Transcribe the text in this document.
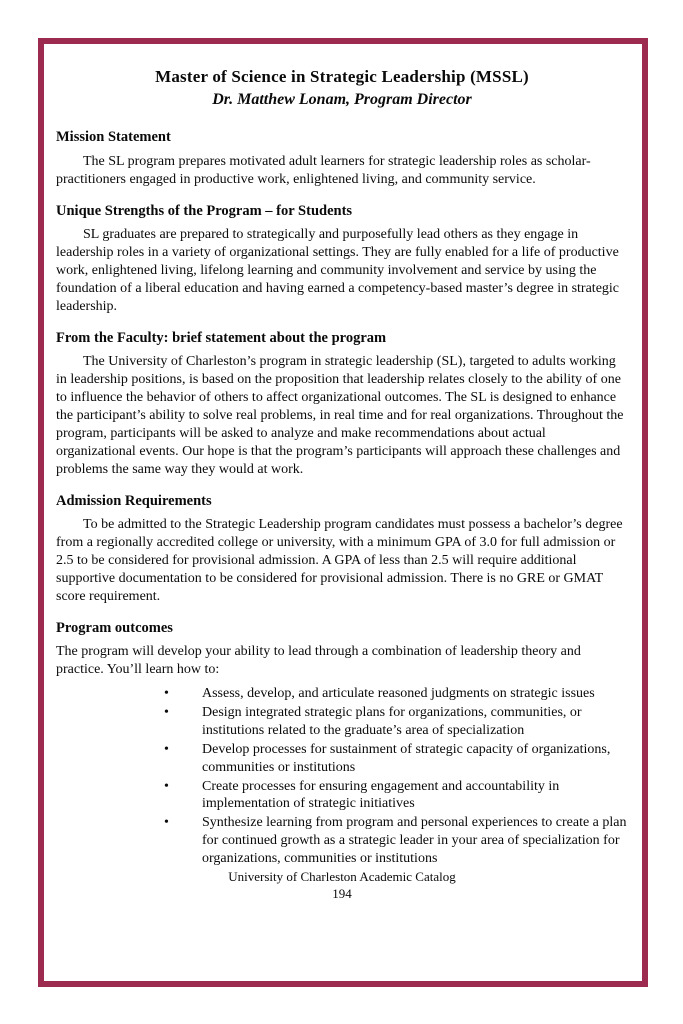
Master of Science in Strategic Leadership (MSSL)
Dr. Matthew Lonam, Program Director
Mission Statement

The SL program prepares motivated adult learners for strategic leadership roles as scholar-practitioners engaged in productive work, enlightened living, and community service.

Unique Strengths of the Program – for Students

SL graduates are prepared to strategically and purposefully lead others as they engage in leadership roles in a variety of organizational settings. They are fully enabled for a life of productive work, enlightened living, lifelong learning and community involvement and service by using the foundation of a liberal education and having earned a competency-based master’s degree in strategic leadership.

From the Faculty: brief statement about the program

The University of Charleston’s program in strategic leadership (SL), targeted to adults working in leadership positions, is based on the proposition that leadership relates closely to the ability of one to influence the behavior of others to affect organizational outcomes. The SL is designed to enhance the participant’s ability to solve real problems, in real time and for real organizations. Throughout the program, participants will be asked to analyze and make recommendations about actual organizational events. Our hope is that the program’s participants will approach these challenges and problems the same way they would at work.

Admission Requirements

To be admitted to the Strategic Leadership program candidates must possess a bachelor’s degree from a regionally accredited college or university, with a minimum GPA of 3.0 for full admission or 2.5 to be considered for provisional admission. A GPA of less than 2.5 will require additional supportive documentation to be considered for provisional admission. There is no GRE or GMAT score requirement.

Program outcomes

The program will develop your ability to lead through a combination of leadership theory and practice. You’ll learn how to:

• Assess, develop, and articulate reasoned judgments on strategic issues
• Design integrated strategic plans for organizations, communities, or institutions related to the graduate’s area of specialization
• Develop processes for sustainment of strategic capacity of organizations, communities or institutions
• Create processes for ensuring engagement and accountability in implementation of strategic initiatives
• Synthesize learning from program and personal experiences to create a plan for continued growth as a strategic leader in your area of specialization for organizations, communities or institutions
University of Charleston Academic Catalog
194
